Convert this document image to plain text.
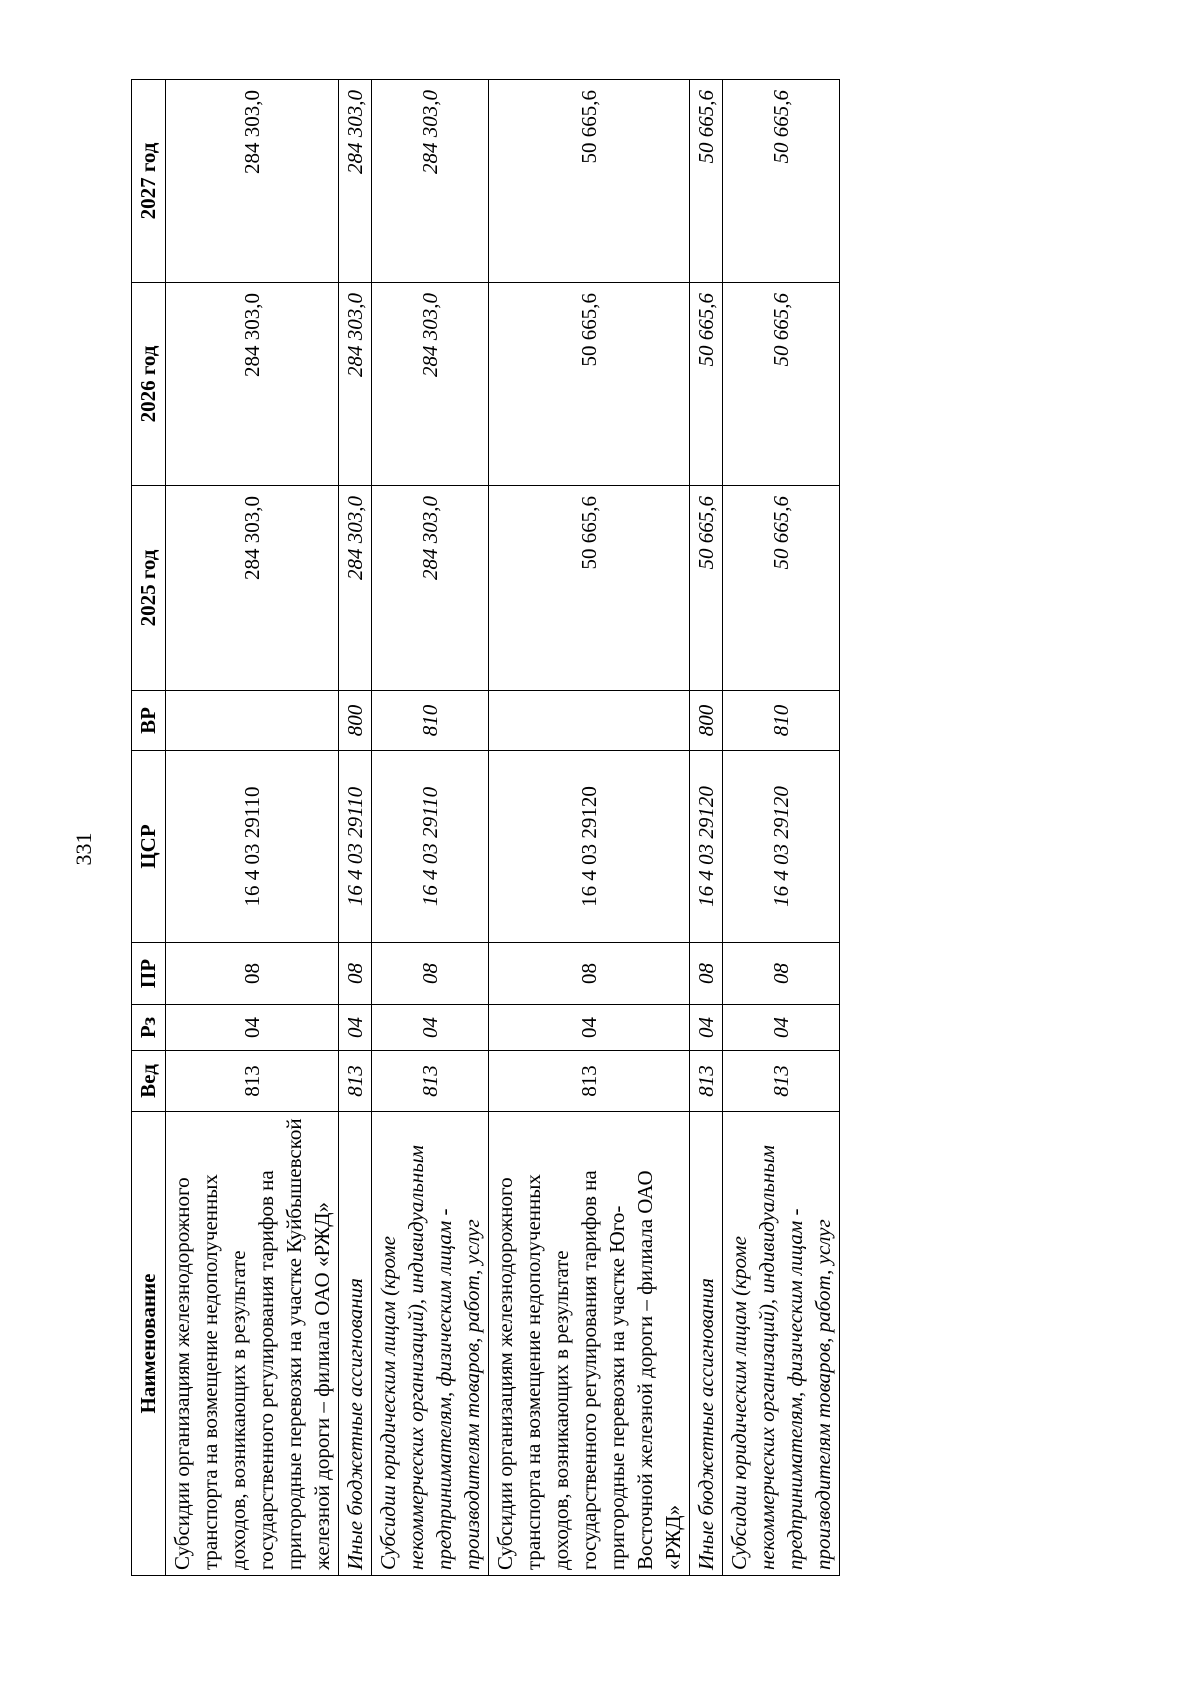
331
Наименование	Вед	Рз	ПР	ЦСР	ВР	2025 год	2026 год	2027 год
Субсидии организациям железнодорожного транспорта на возмещение недополученных доходов, возникающих в результате государственного регулирования тарифов на пригородные перевозки на участке Куйбышевской железной дороги – филиала ОАО «РЖД»	813	04	08	16 4 03 29110		284 303,0	284 303,0	284 303,0
Иные бюджетные ассигнования	813	04	08	16 4 03 29110	800	284 303,0	284 303,0	284 303,0
Субсидии юридическим лицам (кроме некоммерческих организаций), индивидуальным предпринимателям, физическим лицам - производителям товаров, работ, услуг	813	04	08	16 4 03 29110	810	284 303,0	284 303,0	284 303,0
Субсидии организациям железнодорожного транспорта на возмещение недополученных доходов, возникающих в результате государственного регулирования тарифов на пригородные перевозки на участке Юго-Восточной железной дороги – филиала ОАО «РЖД»	813	04	08	16 4 03 29120		50 665,6	50 665,6	50 665,6
Иные бюджетные ассигнования	813	04	08	16 4 03 29120	800	50 665,6	50 665,6	50 665,6
Субсидии юридическим лицам (кроме некоммерческих организаций), индивидуальным предпринимателям, физическим лицам - производителям товаров, работ, услуг	813	04	08	16 4 03 29120	810	50 665,6	50 665,6	50 665,6
